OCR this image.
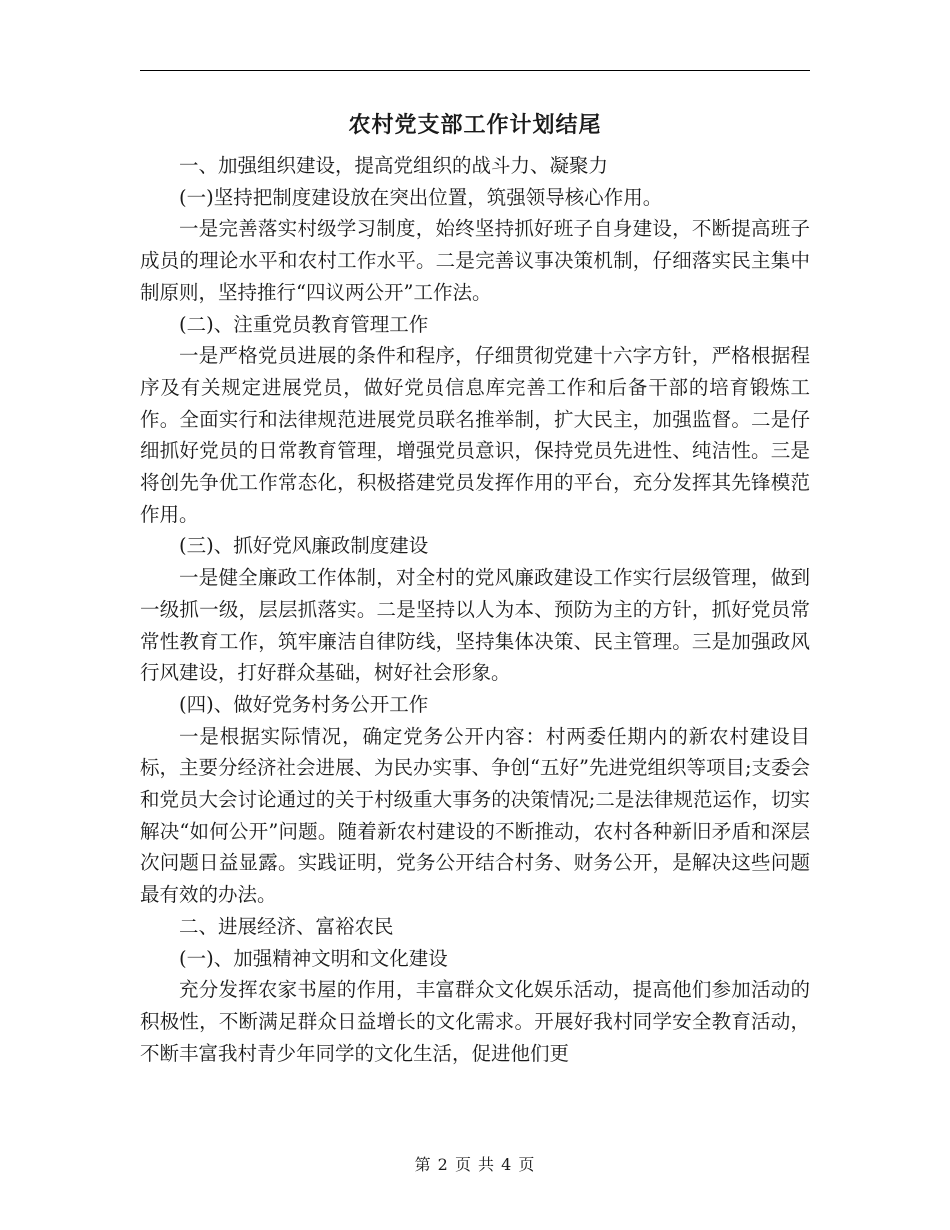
农村党支部工作计划结尾

一、加强组织建设，提高党组织的战斗力、凝聚力

(一)坚持把制度建设放在突出位置，筑强领导核心作用。

一是完善落实村级学习制度，始终坚持抓好班子自身建设，不断提高班子成员的理论水平和农村工作水平。二是完善议事决策机制，仔细落实民主集中制原则，坚持推行“四议两公开”工作法。

(二)、注重党员教育管理工作

一是严格党员进展的条件和程序，仔细贯彻党建十六字方针，严格根据程序及有关规定进展党员，做好党员信息库完善工作和后备干部的培育锻炼工作。全面实行和法律规范进展党员联名推举制，扩大民主，加强监督。二是仔细抓好党员的日常教育管理，增强党员意识，保持党员先进性、纯洁性。三是将创先争优工作常态化，积极搭建党员发挥作用的平台，充分发挥其先锋模范作用。

(三)、抓好党风廉政制度建设

一是健全廉政工作体制，对全村的党风廉政建设工作实行层级管理，做到一级抓一级，层层抓落实。二是坚持以人为本、预防为主的方针，抓好党员常常性教育工作，筑牢廉洁自律防线，坚持集体决策、民主管理。三是加强政风行风建设，打好群众基础，树好社会形象。

(四)、做好党务村务公开工作

一是根据实际情况，确定党务公开内容：村两委任期内的新农村建设目标，主要分经济社会进展、为民办实事、争创“五好”先进党组织等项目;支委会和党员大会讨论通过的关于村级重大事务的决策情况;二是法律规范运作，切实解决“如何公开”问题。随着新农村建设的不断推动，农村各种新旧矛盾和深层次问题日益显露。实践证明，党务公开结合村务、财务公开，是解决这些问题最有效的办法。

二、进展经济、富裕农民

(一)、加强精神文明和文化建设

充分发挥农家书屋的作用，丰富群众文化娱乐活动，提高他们参加活动的积极性，不断满足群众日益增长的文化需求。开展好我村同学安全教育活动，不断丰富我村青少年同学的文化生活，促进他们更

第 2 页 共 4 页
